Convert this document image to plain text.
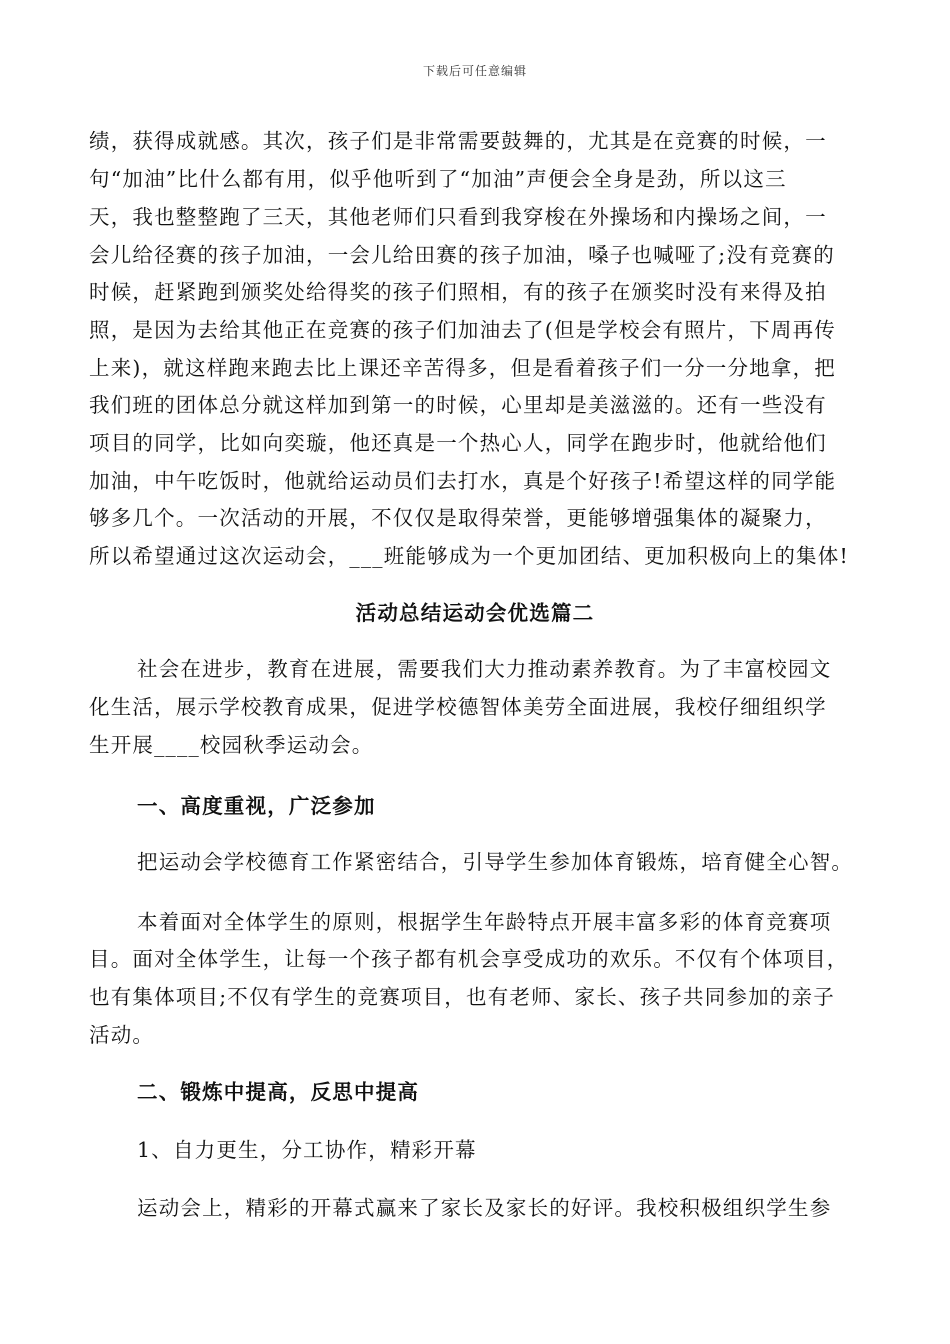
下载后可任意编辑
绩，获得成就感。其次，孩子们是非常需要鼓舞的，尤其是在竞赛的时候，一
句“加油”比什么都有用，似乎他听到了“加油”声便会全身是劲，所以这三
天，我也整整跑了三天，其他老师们只看到我穿梭在外操场和内操场之间，一
会儿给径赛的孩子加油，一会儿给田赛的孩子加油，嗓子也喊哑了;没有竞赛的
时候，赶紧跑到颁奖处给得奖的孩子们照相，有的孩子在颁奖时没有来得及拍
照，是因为去给其他正在竞赛的孩子们加油去了(但是学校会有照片，下周再传
上来)，就这样跑来跑去比上课还辛苦得多，但是看着孩子们一分一分地拿，把
我们班的团体总分就这样加到第一的时候，心里却是美滋滋的。还有一些没有
项目的同学，比如向奕璇，他还真是一个热心人，同学在跑步时，他就给他们
加油，中午吃饭时，他就给运动员们去打水，真是个好孩子!希望这样的同学能
够多几个。一次活动的开展，不仅仅是取得荣誉，更能够增强集体的凝聚力，
所以希望通过这次运动会，___班能够成为一个更加团结、更加积极向上的集体!
活动总结运动会优选篇二
社会在进步，教育在进展，需要我们大力推动素养教育。为了丰富校园文
化生活，展示学校教育成果，促进学校德智体美劳全面进展，我校仔细组织学
生开展____校园秋季运动会。
一、高度重视，广泛参加
把运动会学校德育工作紧密结合，引导学生参加体育锻炼，培育健全心智。
本着面对全体学生的原则，根据学生年龄特点开展丰富多彩的体育竞赛项
目。面对全体学生，让每一个孩子都有机会享受成功的欢乐。不仅有个体项目，
也有集体项目;不仅有学生的竞赛项目，也有老师、家长、孩子共同参加的亲子
活动。
二、锻炼中提高，反思中提高
1、自力更生，分工协作，精彩开幕
运动会上，精彩的开幕式赢来了家长及家长的好评。我校积极组织学生参
